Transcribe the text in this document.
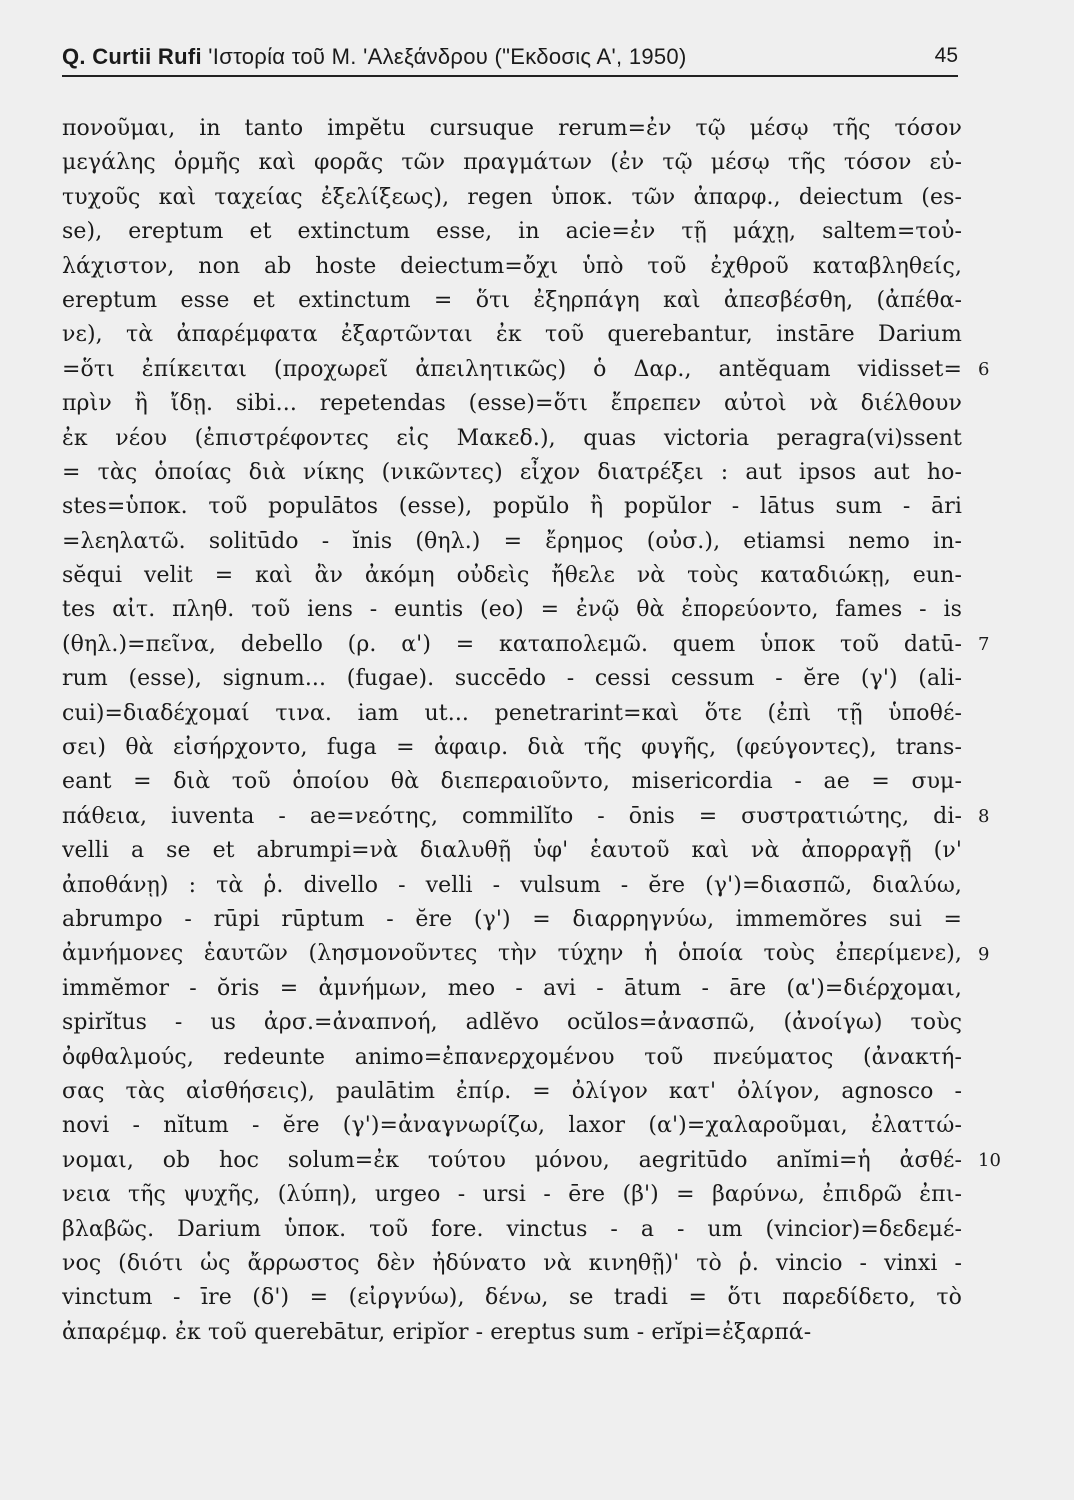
Q. Curtii Rufi 'Ιστορία τοῦ Μ. 'Αλεξάνδρου ("Εκδοσις Α', 1950)	45
πονοῦμαι, in tanto impĕtu cursuque rerum=ἐν τῷ μέσῳ τῆς τόσον
μεγάλης ὁρμῆς καὶ φορᾶς τῶν πραγμάτων (ἐν τῷ μέσῳ τῆς τόσον εὐ-
τυχοῦς καὶ ταχείας ἐξελίξεως), regen ὑποκ. τῶν ἀπαρφ., deiectum (es-
se), ereptum et extinctum esse, in acie=ἐν τῇ μάχῃ, saltem=τοὐ-
λάχιστον, non ab hoste deiectum=ὄχι ὑπὸ τοῦ ἐχθροῦ καταβληθείς,
ereptum esse et extinctum = ὅτι ἐξηρπάγη καὶ ἀπεσβέσθη, (ἀπέθα-
νε), τὰ ἀπαρέμφατα ἐξαρτῶνται ἐκ τοῦ querebantur, instāre Darium
=ὅτι ἐπίκειται (προχωρεῖ ἀπειλητικῶς) ὁ Δαρ., antĕquam vidisset=
πρὶν ἢ ἴδῃ. sibi... repetendas (esse)=ὅτι ἔπρεπεν αὐτοὶ νὰ διέλθουν
ἐκ νέου (ἐπιστρέφοντες εἰς Μακεδ.), quas victoria peragra(vi)ssent
= τὰς ὁποίας διὰ νίκης (νικῶντες) εἶχον διατρέξει : aut ipsos aut ho-
stes=ὑποκ. τοῦ populātos (esse), popŭlo ἢ popŭlor - lātus sum - āri
=λεηλατῶ. solitūdo - ĭnis (θηλ.) = ἔρημος (οὐσ.), etiamsi nemo in-
sĕqui velit = καὶ ἂν ἀκόμη οὐδεὶς ἤθελε νὰ τοὺς καταδιώκῃ, eun-
tes αἰτ. πληθ. τοῦ iens - euntis (eo) = ἐνῷ θὰ ἐπορεύοντο, fames - is
(θηλ.)=πεῖνα, debello (ρ. α') = καταπολεμῶ. quem ὑποκ τοῦ datū-
rum (esse), signum... (fugae). succēdo - cessi cessum - ĕre (γ') (ali-
cui)=διαδέχομαί τινα. iam ut... penetrarint=καὶ ὅτε (ἐπὶ τῇ ὑποθέ-
σει) θὰ εἰσήρχοντο, fuga = ἀφαιρ. διὰ τῆς φυγῆς, (φεύγοντες), trans-
eant = διὰ τοῦ ὁποίου θὰ διεπεραιοῦντο, misericordia - ae = συμ-
πάθεια, iuventa - ae=νεότης, commilĭto - ōnis = συστρατιώτης, di-
velli a se et abrumpi=νὰ διαλυθῇ ὑφ' ἑαυτοῦ καὶ νὰ ἀπορραγῇ (ν'
ἀποθάνῃ) : τὰ ῥ. divello - velli - vulsum - ĕre (γ')=διασπῶ, διαλύω,
abrumpo - rūpi rūptum - ĕre (γ') = διαρρηγνύω, immemŏres sui =
ἀμνήμονες ἑαυτῶν (λησμονοῦντες τὴν τύχην ἡ ὁποία τοὺς ἐπερίμενε),
immĕmor - ŏris = ἀμνήμων, meo - avi - ātum - āre (α')=διέρχομαι,
spirĭtus - us ἀρσ.=ἀναπνοή, adlĕvo ocŭlos=ἀνασπῶ, (ἀνοίγω) τοὺς
ὀφθαλμούς, redeunte animo=ἐπανερχομένου τοῦ πνεύματος (ἀνακτή-
σας τὰς αἰσθήσεις), paulātim ἐπίρ. = ὀλίγον κατ' ὀλίγον, agnosco -
novi - nĭtum - ĕre (γ')=ἀναγνωρίζω, laxor (α')=χαλαροῦμαι, ἐλαττώ-
νομαι, ob hoc solum=ἐκ τούτου μόνου, aegritūdo anĭmi=ἡ ἀσθέ-
νεια τῆς ψυχῆς, (λύπη), urgeo - ursi - ēre (β') = βαρύνω, ἐπιδρῶ ἐπι-
βλαβῶς. Darium ὑποκ. τοῦ fore. vinctus - a - um (vincior)=δεδεμέ-
νος (διότι ὡς ἄρρωστος δὲν ἠδύνατο νὰ κινηθῇ)' τὸ ῥ. vincio - vinxi -
vinctum - īre (δ') = (εἰργνύω), δένω, se tradi = ὅτι παρεδίδετο, τὸ
ἀπαρέμφ. ἐκ τοῦ querebātur, eripĭor - ereptus sum - erĭpi=ἐξαρπά-
6
7
8
9
10
